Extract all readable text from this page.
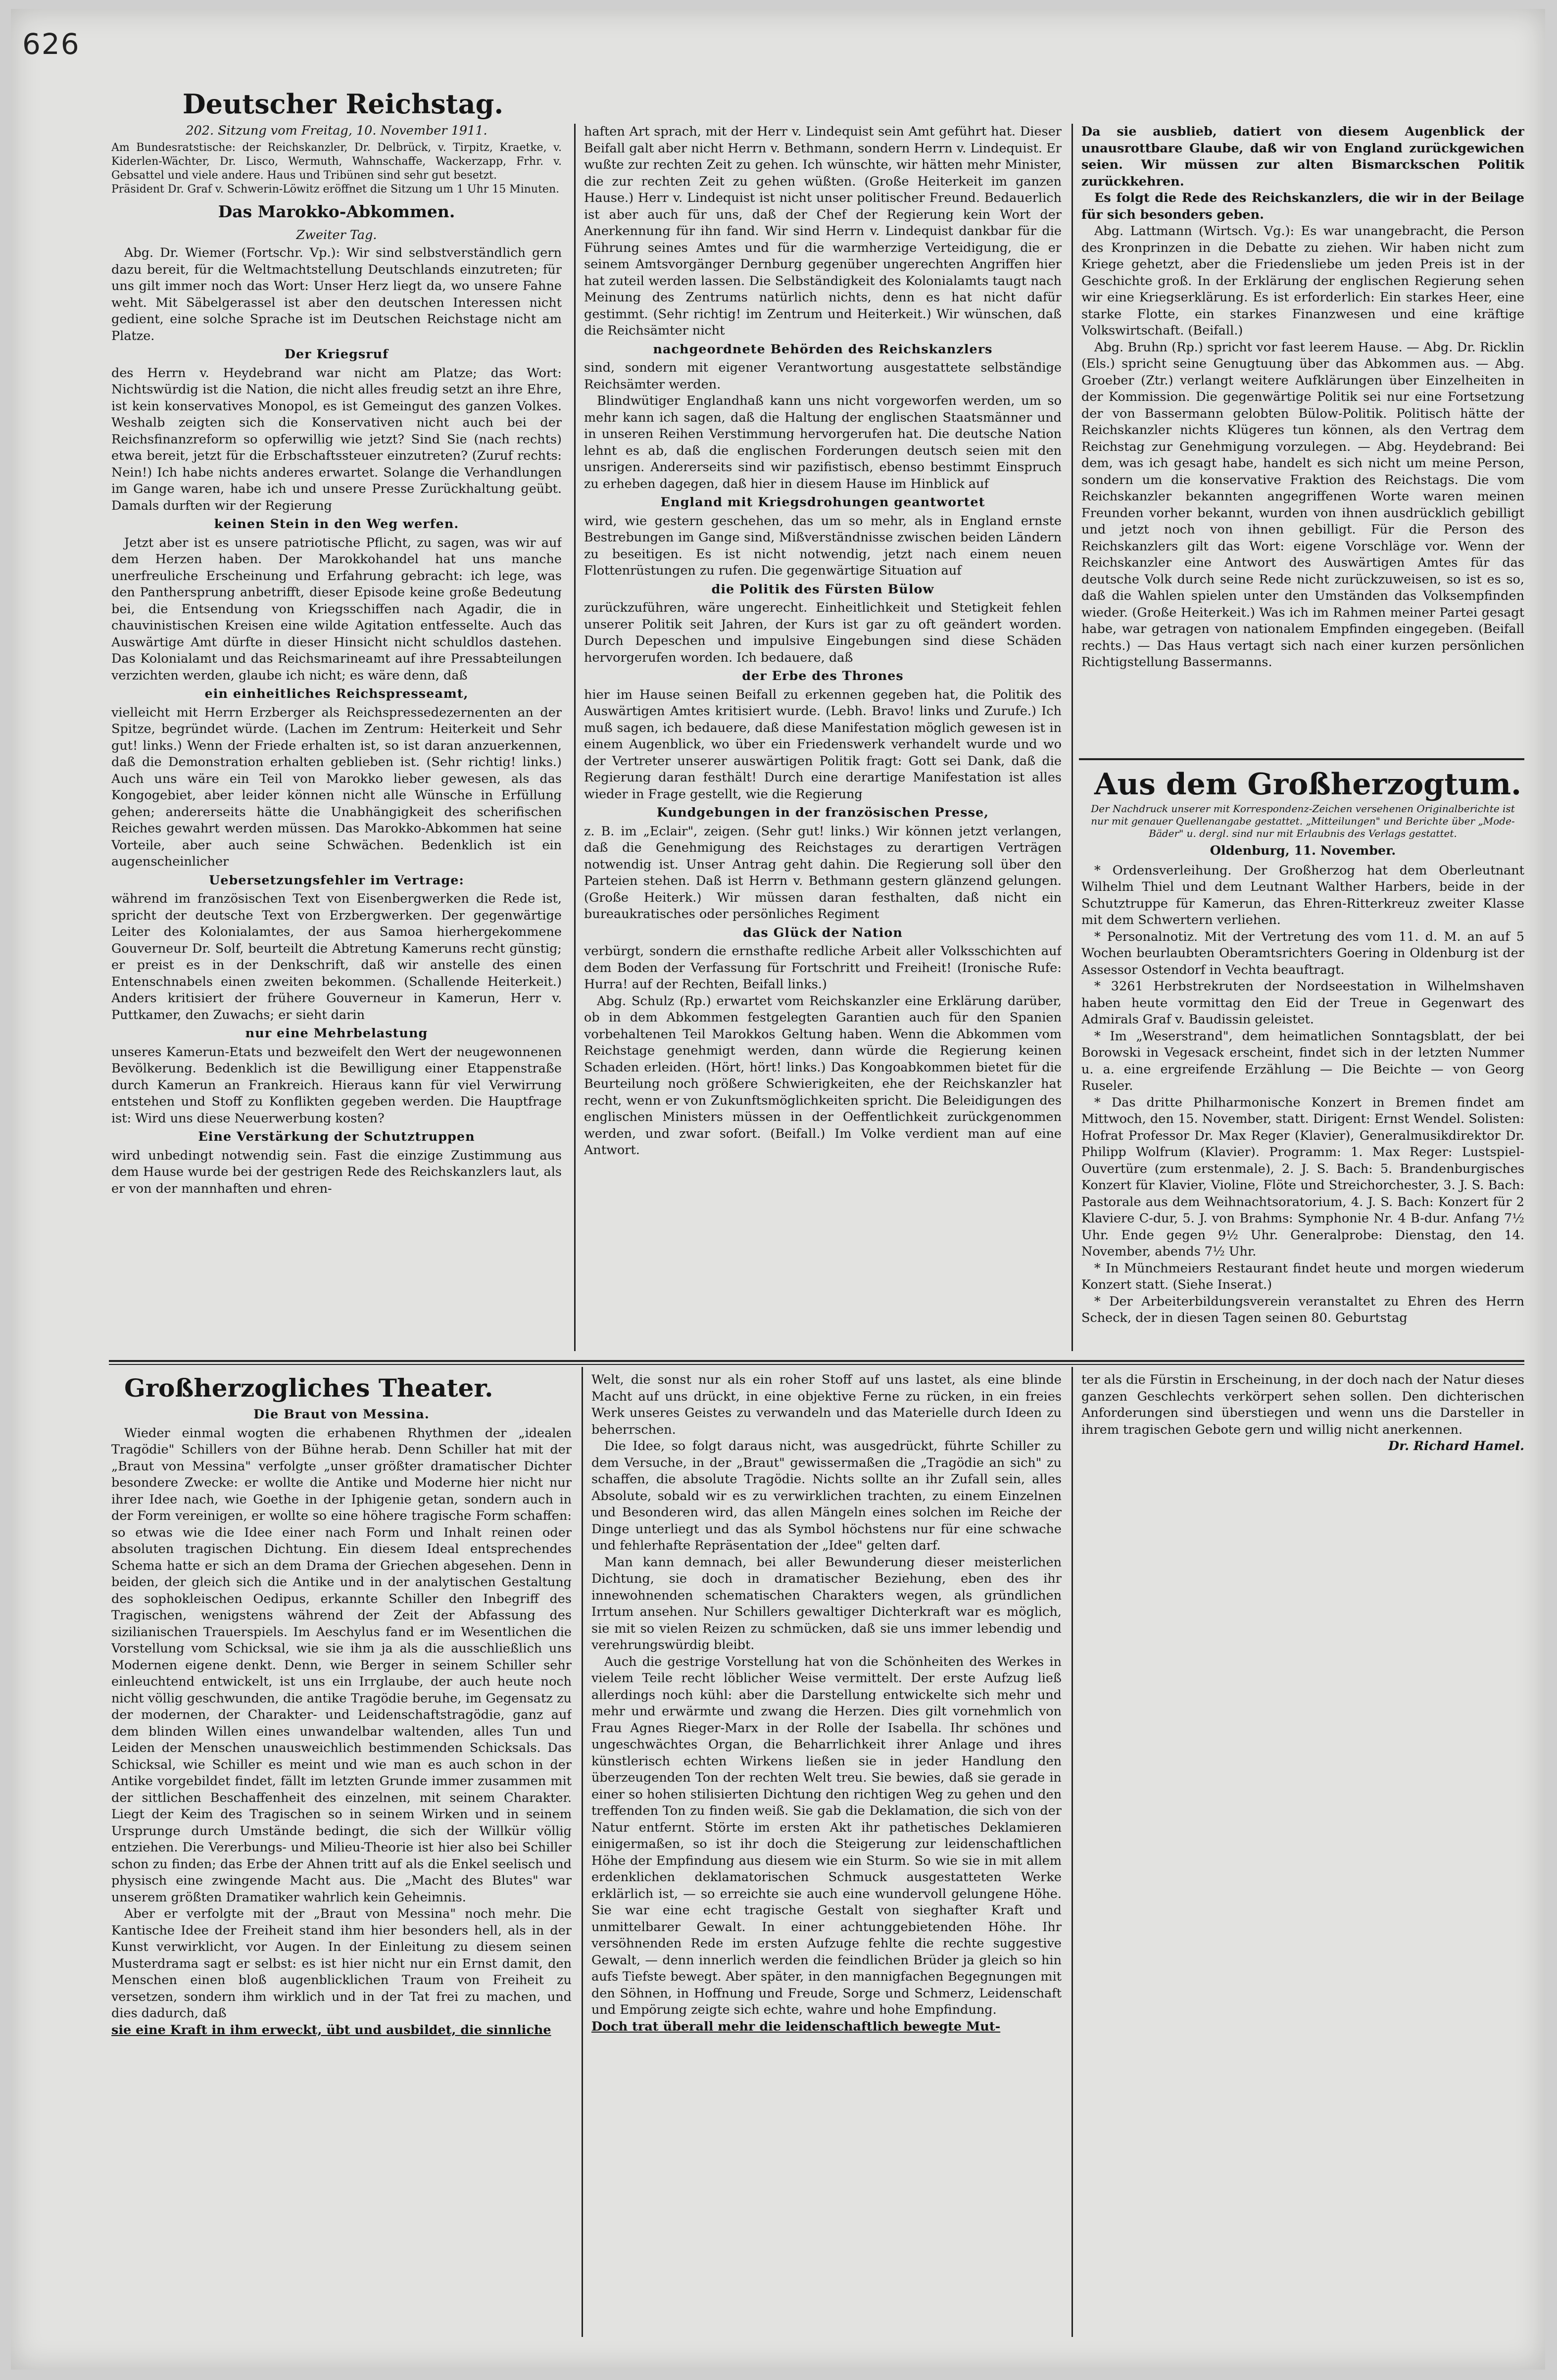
626

Deutscher Reichstag.

202. Sitzung vom Freitag, 10. November 1911.

Am Bundesratstische: der Reichskanzler, Dr. Delbrück, v. Tirpitz, Kraetke, v. Kiderlen-Wächter, Dr. Lisco, Wermuth, Wahnschaffe, Wackerzapp, Frhr. v. Gebsattel und viele andere. Haus und Tribünen sind sehr gut besetzt.

Präsident Dr. Graf v. Schwerin-Löwitz eröffnet die Sitzung um 1 Uhr 15 Minuten.

Das Marokko-Abkommen.

Zweiter Tag.

Abg. Dr. Wiemer (Fortschr. Vp.): Wir sind selbstverständlich gern dazu bereit, für die Weltmachtstellung Deutschlands einzutreten; für uns gilt immer noch das Wort: Unser Herz liegt da, wo unsere Fahne weht. Mit Säbelgerassel ist aber den deutschen Interessen nicht gedient, eine solche Sprache ist im Deutschen Reichstage nicht am Platze.

Der Kriegsruf

des Herrn v. Heydebrand war nicht am Platze; das Wort: Nichtswürdig ist die Nation, die nicht alles freudig setzt an ihre Ehre, ist kein konservatives Monopol, es ist Gemeingut des ganzen Volkes. Weshalb zeigten sich die Konservativen nicht auch bei der Reichsfinanzreform so opferwillig wie jetzt? Sind Sie (nach rechts) etwa bereit, jetzt für die Erbschaftssteuer einzutreten? (Zuruf rechts: Nein!) Ich habe nichts anderes erwartet. Solange die Verhandlungen im Gange waren, habe ich und unsere Presse Zurückhaltung geübt. Damals durften wir der Regierung

keinen Stein in den Weg werfen.

Jetzt aber ist es unsere patriotische Pflicht, zu sagen, was wir auf dem Herzen haben. Der Marokkohandel hat uns manche unerfreuliche Erscheinung und Erfahrung gebracht: ich lege, was den Panthersprung anbetrifft, dieser Episode keine große Bedeutung bei, die Entsendung von Kriegsschiffen nach Agadir, die in chauvinistischen Kreisen eine wilde Agitation entfesselte. Auch das Auswärtige Amt dürfte in dieser Hinsicht nicht schuldlos dastehen. Das Kolonialamt und das Reichsmarineamt auf ihre Pressabteilungen verzichten werden, glaube ich nicht; es wäre denn, daß

ein einheitliches Reichspresseamt,

vielleicht mit Herrn Erzberger als Reichspressedezernenten an der Spitze, begründet würde. (Lachen im Zentrum: Heiterkeit und Sehr gut! links.) Wenn der Friede erhalten ist, so ist daran anzuerkennen, daß die Demonstration erhalten geblieben ist. (Sehr richtig! links.) Auch uns wäre ein Teil von Marokko lieber gewesen, als das Kongogebiet, aber leider können nicht alle Wünsche in Erfüllung gehen; andererseits hätte die Unabhängigkeit des scherifischen Reiches gewahrt werden müssen. Das Marokko-Abkommen hat seine Vorteile, aber auch seine Schwächen. Bedenklich ist ein augenscheinlicher

Uebersetzungsfehler im Vertrage:

während im französischen Text von Eisenbergwerken die Rede ist, spricht der deutsche Text von Erzbergwerken. Der gegenwärtige Leiter des Kolonialamtes, der aus Samoa hierhergekommene Gouverneur Dr. Solf, beurteilt die Abtretung Kameruns recht günstig; er preist es in der Denkschrift, daß wir anstelle des einen Entenschnabels einen zweiten bekommen. (Schallende Heiterkeit.) Anders kritisiert der frühere Gouverneur in Kamerun, Herr v. Puttkamer, den Zuwachs; er sieht darin

nur eine Mehrbelastung

unseres Kamerun-Etats und bezweifelt den Wert der neugewonnenen Bevölkerung. Bedenklich ist die Bewilligung einer Etappenstraße durch Kamerun an Frankreich. Hieraus kann für viel Verwirrung entstehen und Stoff zu Konflikten gegeben werden. Die Hauptfrage ist: Wird uns diese Neuerwerbung kosten?

Eine Verstärkung der Schutztruppen

wird unbedingt notwendig sein. Fast die einzige Zustimmung aus dem Hause wurde bei der gestrigen Rede des Reichskanzlers laut, als er von der mannhaften und ehren-

haften Art sprach, mit der Herr v. Lindequist sein Amt geführt hat. Dieser Beifall galt aber nicht Herrn v. Bethmann, sondern Herrn v. Lindequist. Er wußte zur rechten Zeit zu gehen. Ich wünschte, wir hätten mehr Minister, die zur rechten Zeit zu gehen wüßten. (Große Heiterkeit im ganzen Hause.) Herr v. Lindequist ist nicht unser politischer Freund. Bedauerlich ist aber auch für uns, daß der Chef der Regierung kein Wort der Anerkennung für ihn fand. Wir sind Herrn v. Lindequist dankbar für die Führung seines Amtes und für die warmherzige Verteidigung, die er seinem Amtsvorgänger Dernburg gegenüber ungerechten Angriffen hier hat zuteil werden lassen. Die Selbständigkeit des Kolonialamts taugt nach Meinung des Zentrums natürlich nichts, denn es hat nicht dafür gestimmt. (Sehr richtig! im Zentrum und Heiterkeit.) Wir wünschen, daß die Reichsämter nicht

nachgeordnete Behörden des Reichskanzlers

sind, sondern mit eigener Verantwortung ausgestattete selbständige Reichsämter werden.

Blindwütiger Englandhaß kann uns nicht vorgeworfen werden, um so mehr kann ich sagen, daß die Haltung der englischen Staatsmänner und in unseren Reihen Verstimmung hervorgerufen hat. Die deutsche Nation lehnt es ab, daß die englischen Forderungen deutsch seien mit den unsrigen. Andererseits sind wir pazifistisch, ebenso bestimmt Einspruch zu erheben dagegen, daß hier in diesem Hause im Hinblick auf

England mit Kriegsdrohungen geantwortet

wird, wie gestern geschehen, das um so mehr, als in England ernste Bestrebungen im Gange sind, Mißverständnisse zwischen beiden Ländern zu beseitigen. Es ist nicht notwendig, jetzt nach einem neuen Flottenrüstungen zu rufen. Die gegenwärtige Situation auf

die Politik des Fürsten Bülow

zurückzuführen, wäre ungerecht. Einheitlichkeit und Stetigkeit fehlen unserer Politik seit Jahren, der Kurs ist gar zu oft geändert worden. Durch Depeschen und impulsive Eingebungen sind diese Schäden hervorgerufen worden. Ich bedauere, daß

der Erbe des Thrones

hier im Hause seinen Beifall zu erkennen gegeben hat, die Politik des Auswärtigen Amtes kritisiert wurde. (Lebh. Bravo! links und Zurufe.) Ich muß sagen, ich bedauere, daß diese Manifestation möglich gewesen ist in einem Augenblick, wo über ein Friedenswerk verhandelt wurde und wo der Vertreter unserer auswärtigen Politik fragt: Gott sei Dank, daß die Regierung daran festhält! Durch eine derartige Manifestation ist alles wieder in Frage gestellt, wie die Regierung

Kundgebungen in der französischen Presse,

z. B. im „Eclair", zeigen. (Sehr gut! links.) Wir können jetzt verlangen, daß die Genehmigung des Reichstages zu derartigen Verträgen notwendig ist. Unser Antrag geht dahin. Die Regierung soll über den Parteien stehen. Daß ist Herrn v. Bethmann gestern glänzend gelungen. (Große Heiterk.) Wir müssen daran festhalten, daß nicht ein bureaukratisches oder persönliches Regiment

das Glück der Nation

verbürgt, sondern die ernsthafte redliche Arbeit aller Volksschichten auf dem Boden der Verfassung für Fortschritt und Freiheit! (Ironische Rufe: Hurra! auf der Rechten, Beifall links.)

Abg. Schulz (Rp.) erwartet vom Reichskanzler eine Erklärung darüber, ob in dem Abkommen festgelegten Garantien auch für den Spanien vorbehaltenen Teil Marokkos Geltung haben. Wenn die Abkommen vom Reichstage genehmigt werden, dann würde die Regierung keinen Schaden erleiden. (Hört, hört! links.) Das Kongoabkommen bietet für die Beurteilung noch größere Schwierigkeiten, ehe der Reichskanzler hat recht, wenn er von Zukunftsmöglichkeiten spricht. Die Beleidigungen des englischen Ministers müssen in der Oeffentlichkeit zurückgenommen werden, und zwar sofort. (Beifall.) Im Volke verdient man auf eine Antwort.

Da sie ausblieb, datiert von diesem Augenblick der unausrottbare Glaube, daß wir von England zurückgewichen seien. Wir müssen zur alten Bismarckschen Politik zurückkehren.

Es folgt die Rede des Reichskanzlers, die wir in der Beilage für sich besonders geben.

Abg. Lattmann (Wirtsch. Vg.): Es war unangebracht, die Person des Kronprinzen in die Debatte zu ziehen. Wir haben nicht zum Kriege gehetzt, aber die Friedensliebe um jeden Preis ist in der Geschichte groß. In der Erklärung der englischen Regierung sehen wir eine Kriegserklärung. Es ist erforderlich: Ein starkes Heer, eine starke Flotte, ein starkes Finanzwesen und eine kräftige Volkswirtschaft. (Beifall.)

Abg. Bruhn (Rp.) spricht vor fast leerem Hause. — Abg. Dr. Ricklin (Els.) spricht seine Genugtuung über das Abkommen aus. — Abg. Groeber (Ztr.) verlangt weitere Aufklärungen über Einzelheiten in der Kommission. Die gegenwärtige Politik sei nur eine Fortsetzung der von Bassermann gelobten Bülow-Politik. Politisch hätte der Reichskanzler nichts Klügeres tun können, als den Vertrag dem Reichstag zur Genehmigung vorzulegen. — Abg. Heydebrand: Bei dem, was ich gesagt habe, handelt es sich nicht um meine Person, sondern um die konservative Fraktion des Reichstags. Die vom Reichskanzler bekannten angegriffenen Worte waren meinen Freunden vorher bekannt, wurden von ihnen ausdrücklich gebilligt und jetzt noch von ihnen gebilligt. Für die Person des Reichskanzlers gilt das Wort: eigene Vorschläge vor. Wenn der Reichskanzler eine Antwort des Auswärtigen Amtes für das deutsche Volk durch seine Rede nicht zurückzuweisen, so ist es so, daß die Wahlen spielen unter den Umständen das Volksempfinden wieder. (Große Heiterkeit.) Was ich im Rahmen meiner Partei gesagt habe, war getragen von nationalem Empfinden eingegeben. (Beifall rechts.) — Das Haus vertagt sich nach einer kurzen persönlichen Richtigstellung Bassermanns.

Aus dem Großherzogtum.

Der Nachdruck unserer mit Korrespondenz-Zeichen versehenen Originalberichte ist nur mit genauer Quellenangabe gestattet. „Mitteilungen" und Berichte über „Mode-Bäder" u. dergl. sind nur mit Erlaubnis des Verlags gestattet.

Oldenburg, 11. November.

* Ordensverleihung. Der Großherzog hat dem Oberleutnant Wilhelm Thiel und dem Leutnant Walther Harbers, beide in der Schutztruppe für Kamerun, das Ehren-Ritterkreuz zweiter Klasse mit dem Schwertern verliehen.

* Personalnotiz. Mit der Vertretung des vom 11. d. M. an auf 5 Wochen beurlaubten Oberamtsrichters Goering in Oldenburg ist der Assessor Ostendorf in Vechta beauftragt.

* 3261 Herbstrekruten der Nordseestation in Wilhelmshaven haben heute vormittag den Eid der Treue in Gegenwart des Admirals Graf v. Baudissin geleistet.

* Im „Weserstrand", dem heimatlichen Sonntagsblatt, der bei Borowski in Vegesack erscheint, findet sich in der letzten Nummer u. a. eine ergreifende Erzählung — Die Beichte — von Georg Ruseler.

* Das dritte Philharmonische Konzert in Bremen findet am Mittwoch, den 15. November, statt. Dirigent: Ernst Wendel. Solisten: Hofrat Professor Dr. Max Reger (Klavier), Generalmusikdirektor Dr. Philipp Wolfrum (Klavier). Programm: 1. Max Reger: Lustspiel-Ouvertüre (zum erstenmale), 2. J. S. Bach: 5. Brandenburgisches Konzert für Klavier, Violine, Flöte und Streichorchester, 3. J. S. Bach: Pastorale aus dem Weihnachtsoratorium, 4. J. S. Bach: Konzert für 2 Klaviere C-dur, 5. J. von Brahms: Symphonie Nr. 4 B-dur. Anfang 7½ Uhr. Ende gegen 9½ Uhr. Generalprobe: Dienstag, den 14. November, abends 7½ Uhr.

* In Münchmeiers Restaurant findet heute und morgen wiederum Konzert statt. (Siehe Inserat.)

* Der Arbeiterbildungsverein veranstaltet zu Ehren des Herrn Scheck, der in diesen Tagen seinen 80. Geburtstag

Großherzogliches Theater.

Die Braut von Messina.

Wieder einmal wogten die erhabenen Rhythmen der „idealen Tragödie" Schillers von der Bühne herab. Denn Schiller hat mit der „Braut von Messina" verfolgte „unser größter dramatischer Dichter besondere Zwecke: er wollte die Antike und Moderne hier nicht nur ihrer Idee nach, wie Goethe in der Iphigenie getan, sondern auch in der Form vereinigen, er wollte so eine höhere tragische Form schaffen: so etwas wie die Idee einer nach Form und Inhalt reinen oder absoluten tragischen Dichtung. Ein diesem Ideal entsprechendes Schema hatte er sich an dem Drama der Griechen abgesehen. Denn in beiden, der gleich sich die Antike und in der analytischen Gestaltung des sophokleischen Oedipus, erkannte Schiller den Inbegriff des Tragischen, wenigstens während der Zeit der Abfassung des sizilianischen Trauerspiels. Im Aeschylus fand er im Wesentlichen die Vorstellung vom Schicksal, wie sie ihm ja als die ausschließlich uns Modernen eigene denkt. Denn, wie Berger in seinem Schiller sehr einleuchtend entwickelt, ist uns ein Irrglaube, der auch heute noch nicht völlig geschwunden, die antike Tragödie beruhe, im Gegensatz zu der modernen, der Charakter- und Leidenschaftstragödie, ganz auf dem blinden Willen eines unwandelbar waltenden, alles Tun und Leiden der Menschen unausweichlich bestimmenden Schicksals. Das Schicksal, wie Schiller es meint und wie man es auch schon in der Antike vorgebildet findet, fällt im letzten Grunde immer zusammen mit der sittlichen Beschaffenheit des einzelnen, mit seinem Charakter. Liegt der Keim des Tragischen so in seinem Wirken und in seinem Ursprunge durch Umstände bedingt, die sich der Willkür völlig entziehen. Die Vererbungs- und Milieu-Theorie ist hier also bei Schiller schon zu finden; das Erbe der Ahnen tritt auf als die Enkel seelisch und physisch eine zwingende Macht aus. Die „Macht des Blutes" war unserem größten Dramatiker wahrlich kein Geheimnis.

Aber er verfolgte mit der „Braut von Messina" noch mehr. Die Kantische Idee der Freiheit stand ihm hier besonders hell, als in der Kunst verwirklicht, vor Augen. In der Einleitung zu diesem seinen Musterdrama sagt er selbst: es ist hier nicht nur ein Ernst damit, den Menschen einen bloß augenblicklichen Traum von Freiheit zu versetzen, sondern ihm wirklich und in der Tat frei zu machen, und dies dadurch, daß

sie eine Kraft in ihm erweckt, übt und ausbildet, die sinnliche

Welt, die sonst nur als ein roher Stoff auf uns lastet, als eine blinde Macht auf uns drückt, in eine objektive Ferne zu rücken, in ein freies Werk unseres Geistes zu verwandeln und das Materielle durch Ideen zu beherrschen.

Die Idee, so folgt daraus nicht, was ausgedrückt, führte Schiller zu dem Versuche, in der „Braut" gewissermaßen die „Tragödie an sich" zu schaffen, die absolute Tragödie. Nichts sollte an ihr Zufall sein, alles Absolute, sobald wir es zu verwirklichen trachten, zu einem Einzelnen und Besonderen wird, das allen Mängeln eines solchen im Reiche der Dinge unterliegt und das als Symbol höchstens nur für eine schwache und fehlerhafte Repräsentation der „Idee" gelten darf.

Man kann demnach, bei aller Bewunderung dieser meisterlichen Dichtung, sie doch in dramatischer Beziehung, eben des ihr innewohnenden schematischen Charakters wegen, als gründlichen Irrtum ansehen. Nur Schillers gewaltiger Dichterkraft war es möglich, sie mit so vielen Reizen zu schmücken, daß sie uns immer lebendig und verehrungswürdig bleibt.

Auch die gestrige Vorstellung hat von die Schönheiten des Werkes in vielem Teile recht löblicher Weise vermittelt. Der erste Aufzug ließ allerdings noch kühl: aber die Darstellung entwickelte sich mehr und mehr und erwärmte und zwang die Herzen. Dies gilt vornehmlich von Frau Agnes Rieger-Marx in der Rolle der Isabella. Ihr schönes und ungeschwächtes Organ, die Beharrlichkeit ihrer Anlage und ihres künstlerisch echten Wirkens ließen sie in jeder Handlung den überzeugenden Ton der rechten Welt treu. Sie bewies, daß sie gerade in einer so hohen stilisierten Dichtung den richtigen Weg zu gehen und den treffenden Ton zu finden weiß. Sie gab die Deklamation, die sich von der Natur entfernt. Störte im ersten Akt ihr pathetisches Deklamieren einigermaßen, so ist ihr doch die Steigerung zur leidenschaftlichen Höhe der Empfindung aus diesem wie ein Sturm. So wie sie in mit allem erdenklichen deklamatorischen Schmuck ausgestatteten Werke erklärlich ist, — so erreichte sie auch eine wundervoll gelungene Höhe. Sie war eine echt tragische Gestalt von sieghafter Kraft und unmittelbarer Gewalt. In einer achtunggebietenden Höhe. Ihr versöhnenden Rede im ersten Aufzuge fehlte die rechte suggestive Gewalt, — denn innerlich werden die feindlichen Brüder ja gleich so hin aufs Tiefste bewegt. Aber später, in den mannigfachen Begegnungen mit den Söhnen, in Hoffnung und Freude, Sorge und Schmerz, Leidenschaft und Empörung zeigte sich echte, wahre und hohe Empfindung.

Doch trat überall mehr die leidenschaftlich bewegte Mut-

ter als die Fürstin in Erscheinung, in der doch nach der Natur dieses ganzen Geschlechts verkörpert sehen sollen. Den dichterischen Anforderungen sind überstiegen und wenn uns die Darsteller in ihrem tragischen Gebote gern und willig nicht anerkennen.

Dr. Richard Hamel.
